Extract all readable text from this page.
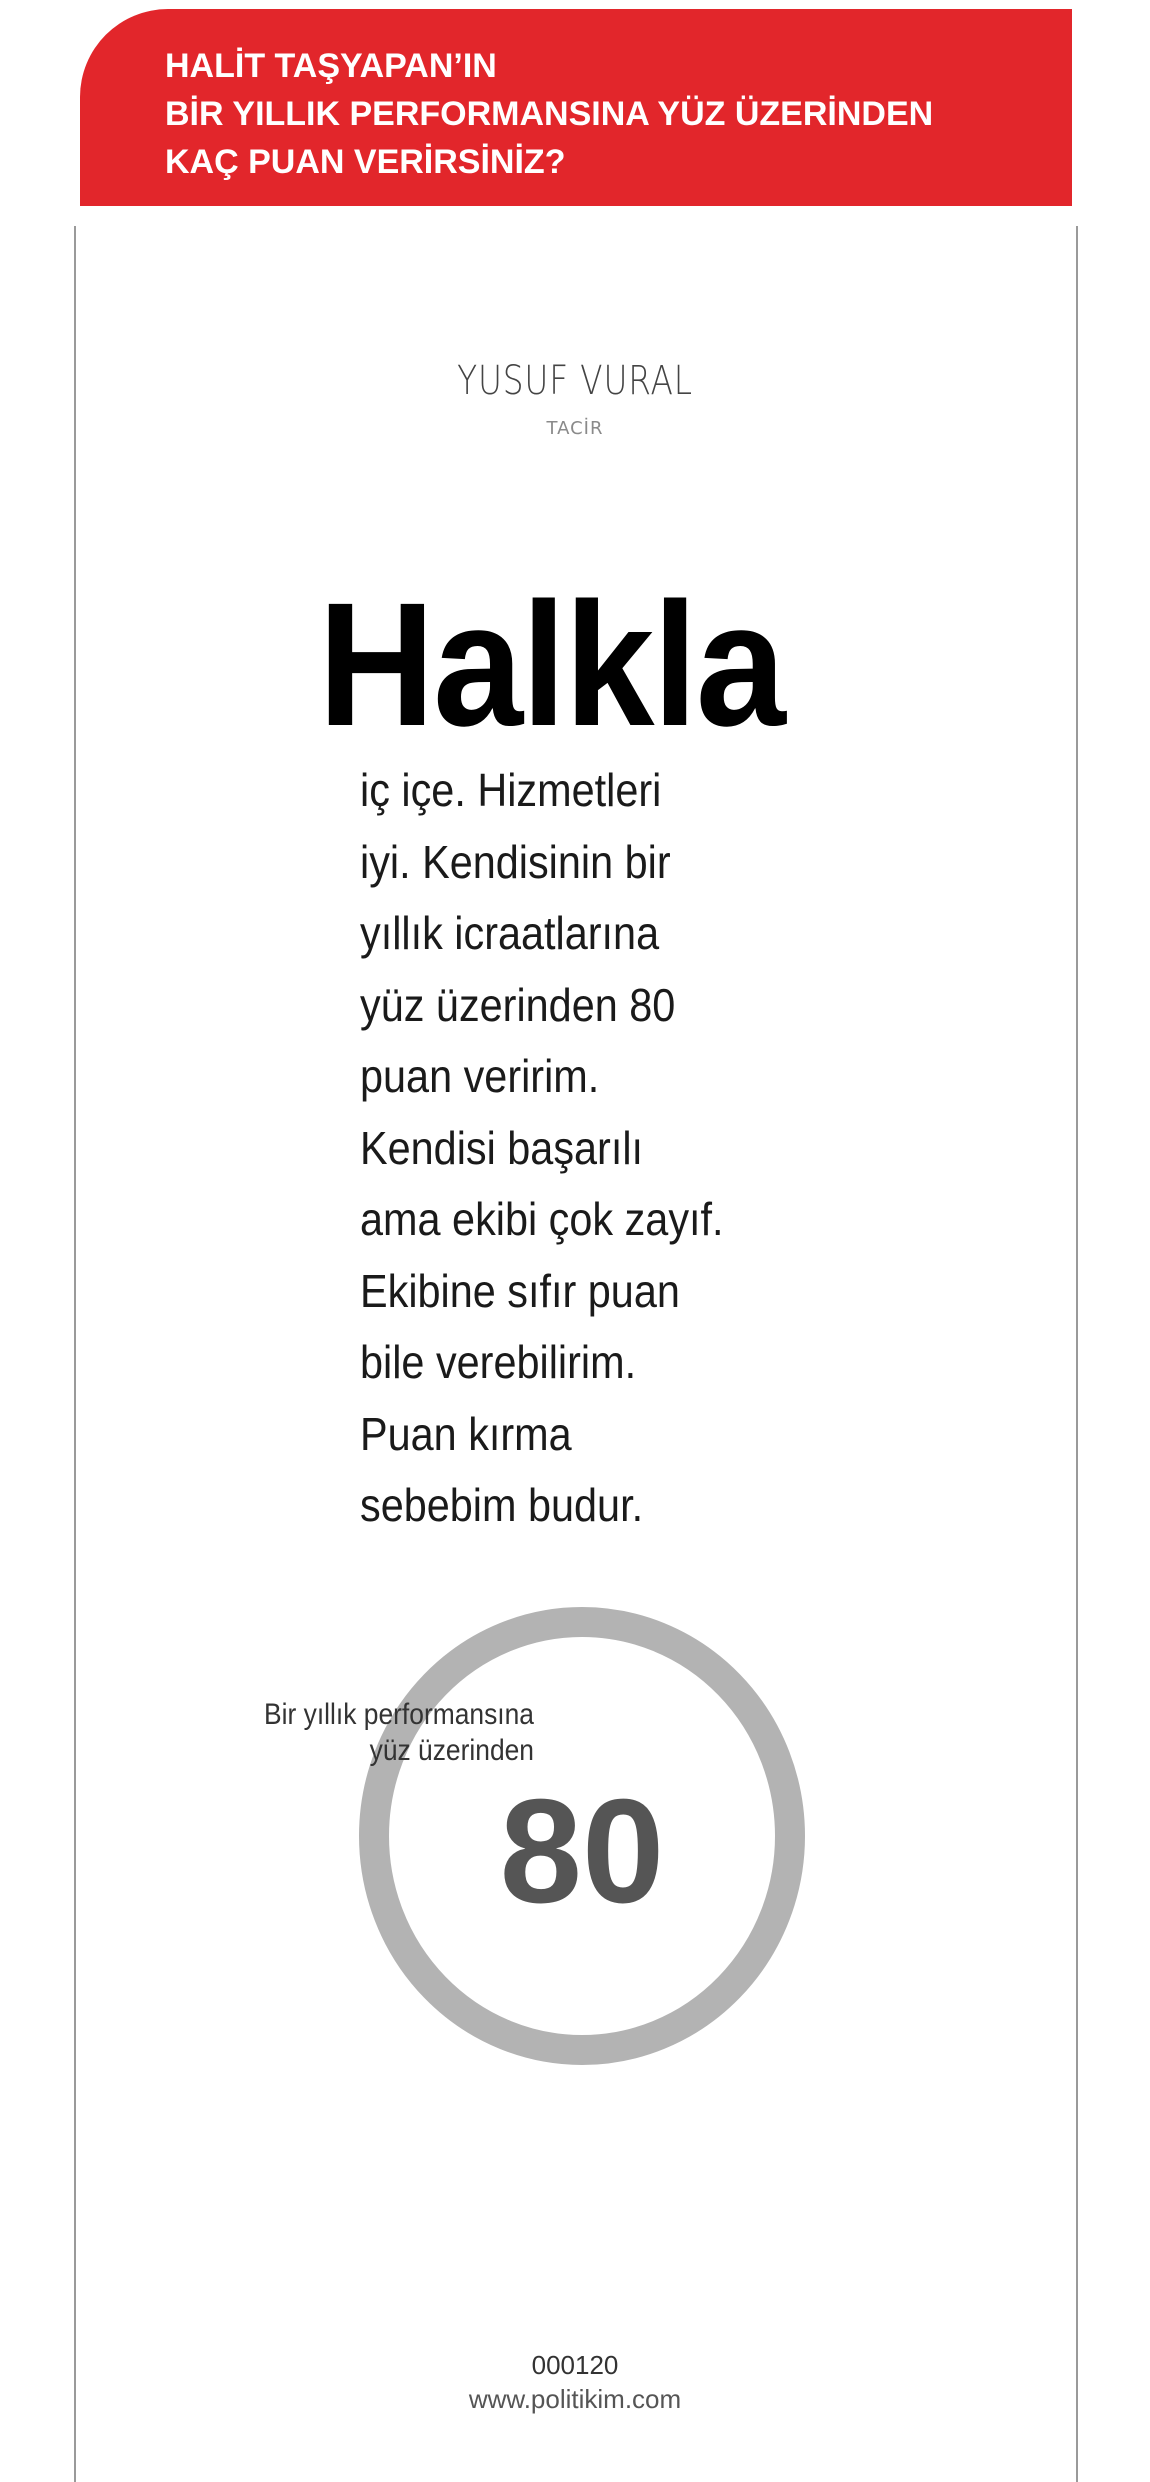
HALİT TAŞYAPAN’IN
BİR YILLIK PERFORMANSINA YÜZ ÜZERİNDEN
KAÇ PUAN VERİRSİNİZ?
YUSUF VURAL
TACİR
Halkla
iç içe. Hizmetleri
iyi. Kendisinin bir
yıllık icraatlarına
yüz üzerinden 80
puan veririm.
Kendisi başarılı
ama ekibi çok zayıf.
Ekibine sıfır puan
bile verebilirim.
Puan kırma
sebebim budur.
Bir yıllık performansına
yüz üzerinden
80
000120
www.politikim.com
